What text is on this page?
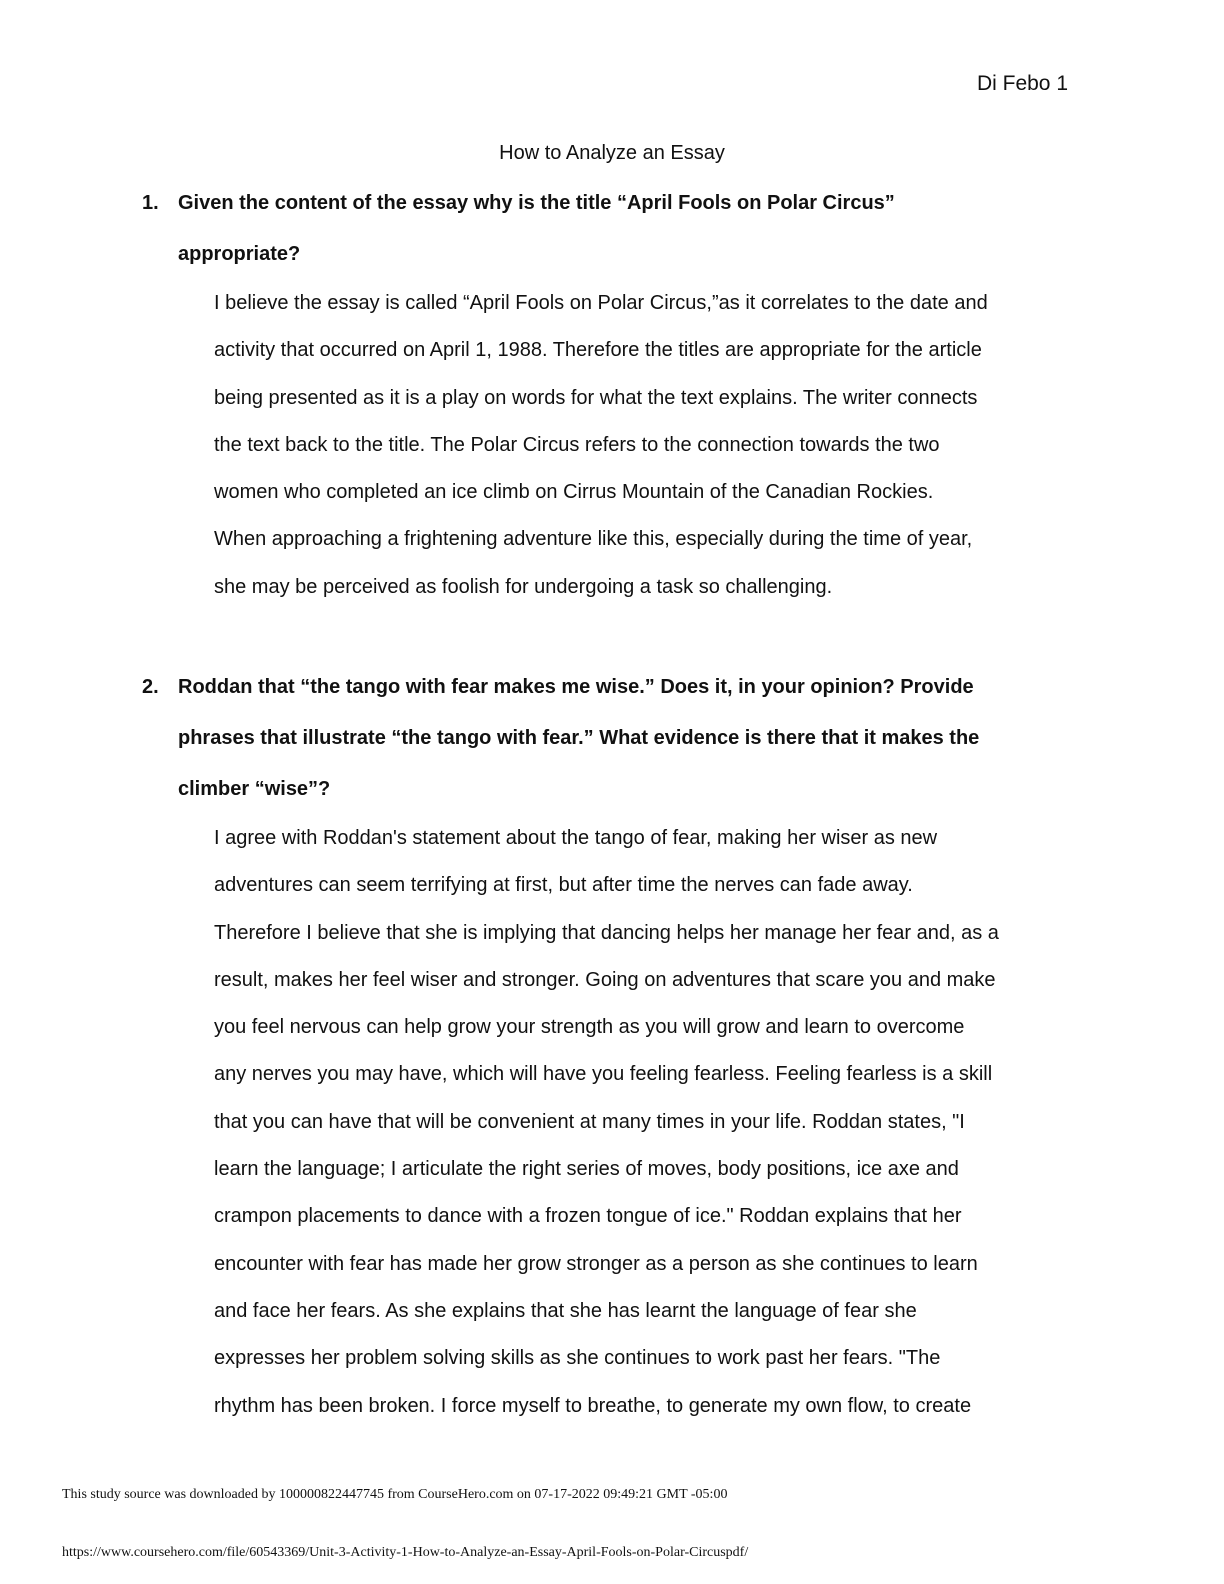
Di Febo 1
How to Analyze an Essay
1. Given the content of the essay why is the title “April Fools on Polar Circus”
appropriate?
I believe the essay is called “April Fools on Polar Circus,”as it correlates to the date and
activity that occurred on April 1, 1988. Therefore the titles are appropriate for the article
being presented as it is a play on words for what the text explains. The writer connects
the text back to the title. The Polar Circus refers to the connection towards the two
women who completed an ice climb on Cirrus Mountain of the Canadian Rockies.
When approaching a frightening adventure like this, especially during the time of year,
she may be perceived as foolish for undergoing a task so challenging.
2. Roddan that “the tango with fear makes me wise.” Does it, in your opinion? Provide
phrases that illustrate “the tango with fear.” What evidence is there that it makes the
climber “wise”?
I agree with Roddan's statement about the tango of fear, making her wiser as new
adventures can seem terrifying at first, but after time the nerves can fade away.
Therefore I believe that she is implying that dancing helps her manage her fear and, as a
result, makes her feel wiser and stronger. Going on adventures that scare you and make
you feel nervous can help grow your strength as you will grow and learn to overcome
any nerves you may have, which will have you feeling fearless. Feeling fearless is a skill
that you can have that will be convenient at many times in your life. Roddan states, "I
learn the language; I articulate the right series of moves, body positions, ice axe and
crampon placements to dance with a frozen tongue of ice." Roddan explains that her
encounter with fear has made her grow stronger as a person as she continues to learn
and face her fears. As she explains that she has learnt the language of fear she
expresses her problem solving skills as she continues to work past her fears. "The
rhythm has been broken. I force myself to breathe, to generate my own flow, to create
This study source was downloaded by 100000822447745 from CourseHero.com on 07-17-2022 09:49:21 GMT -05:00
https://www.coursehero.com/file/60543369/Unit-3-Activity-1-How-to-Analyze-an-Essay-April-Fools-on-Polar-Circuspdf/
